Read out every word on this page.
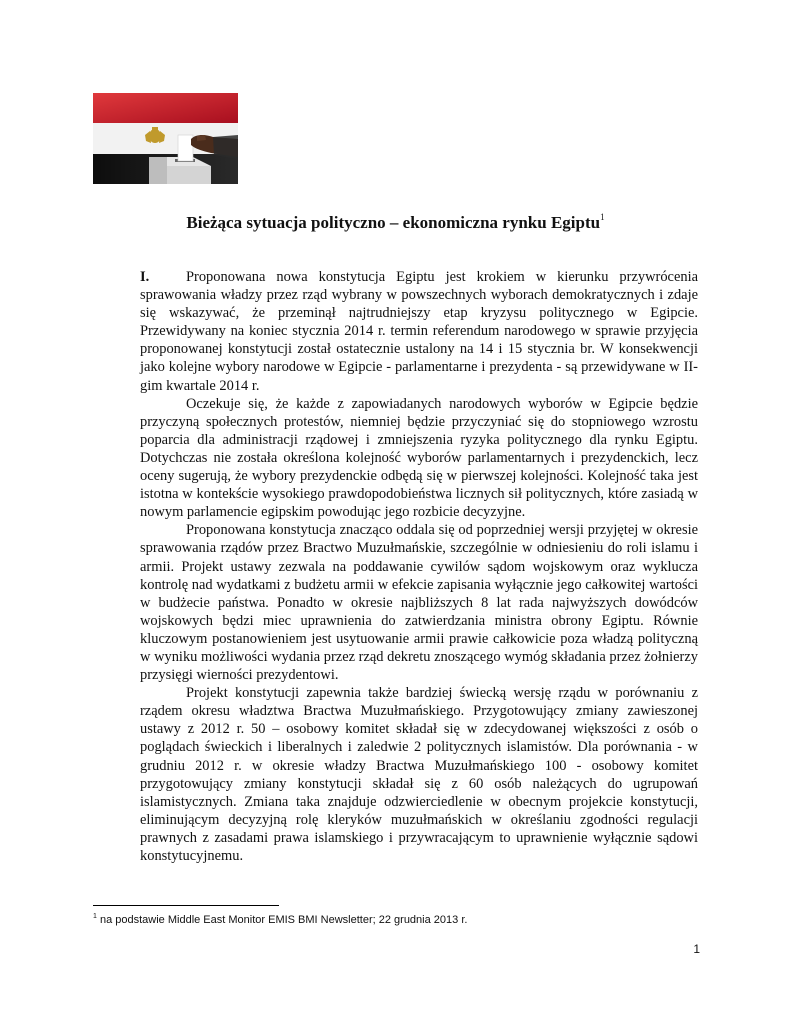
Bieżąca sytuacja polityczno – ekonomiczna rynku Egiptu$^1$

I.	Proponowana nowa konstytucja Egiptu jest krokiem w kierunku przywrócenia sprawowania władzy przez rząd wybrany w powszechnych wyborach demokratycznych i zdaje się wskazywać, że przeminął najtrudniejszy etap kryzysu politycznego w Egipcie. Przewidywany na koniec stycznia 2014 r. termin referendum narodowego w sprawie przyjęcia proponowanej konstytucji został ostatecznie ustalony na 14 i 15 stycznia br. W konsekwencji jako kolejne wybory narodowe w Egipcie - parlamentarne i prezydenta - są przewidywane w II-gim kwartale 2014 r.

Oczekuje się, że każde z zapowiadanych narodowych wyborów w Egipcie będzie przyczyną społecznych protestów, niemniej będzie przyczyniać się do stopniowego wzrostu poparcia dla administracji rządowej i zmniejszenia ryzyka politycznego dla rynku Egiptu. Dotychczas nie została określona kolejność wyborów parlamentarnych i prezydenckich, lecz oceny sugerują, że wybory prezydenckie odbędą się w pierwszej kolejności. Kolejność taka jest istotna w kontekście wysokiego prawdopodobieństwa licznych sił politycznych, które zasiadą w nowym parlamencie egipskim powodując jego rozbicie decyzyjne.

Proponowana konstytucja znacząco oddala się od poprzedniej wersji przyjętej w okresie sprawowania rządów przez Bractwo Muzułmańskie, szczególnie w odniesieniu do roli islamu i armii. Projekt ustawy zezwala na poddawanie cywilów sądom wojskowym oraz wyklucza kontrolę nad wydatkami z budżetu armii w efekcie zapisania wyłącznie jego całkowitej wartości w budżecie państwa. Ponadto w okresie najbliższych 8 lat rada najwyższych dowódców wojskowych będzi miec uprawnienia do zatwierdzania ministra obrony Egiptu. Równie kluczowym postanowieniem jest usytuowanie armii prawie całkowicie poza władzą polityczną w wyniku możliwości wydania przez rząd dekretu znoszącego wymóg składania przez żołnierzy przysięgi wierności prezydentowi.

Projekt konstytucji zapewnia także bardziej świecką wersję rządu w porównaniu z rządem okresu władztwa Bractwa Muzułmańskiego. Przygotowujący zmiany zawieszonej ustawy z 2012 r. 50 – osobowy komitet składał się w zdecydowanej większości z osób o poglądach świeckich i liberalnych i zaledwie 2 politycznych islamistów. Dla porównania - w grudniu 2012 r. w okresie władzy Bractwa Muzułmańskiego 100 - osobowy komitet przygotowujący zmiany konstytucji składał się z 60 osób należących do ugrupowań islamistycznych. Zmiana taka znajduje odzwierciedlenie w obecnym projekcie konstytucji, eliminującym decyzyjną rolę kleryków muzułmańskich w określaniu zgodności regulacji prawnych z zasadami prawa islamskiego i przywracającym to uprawnienie wyłącznie sądowi konstytucyjnemu.

$^1$ na podstawie Middle East Monitor EMIS BMI Newsletter; 22 grudnia 2013 r.
1
